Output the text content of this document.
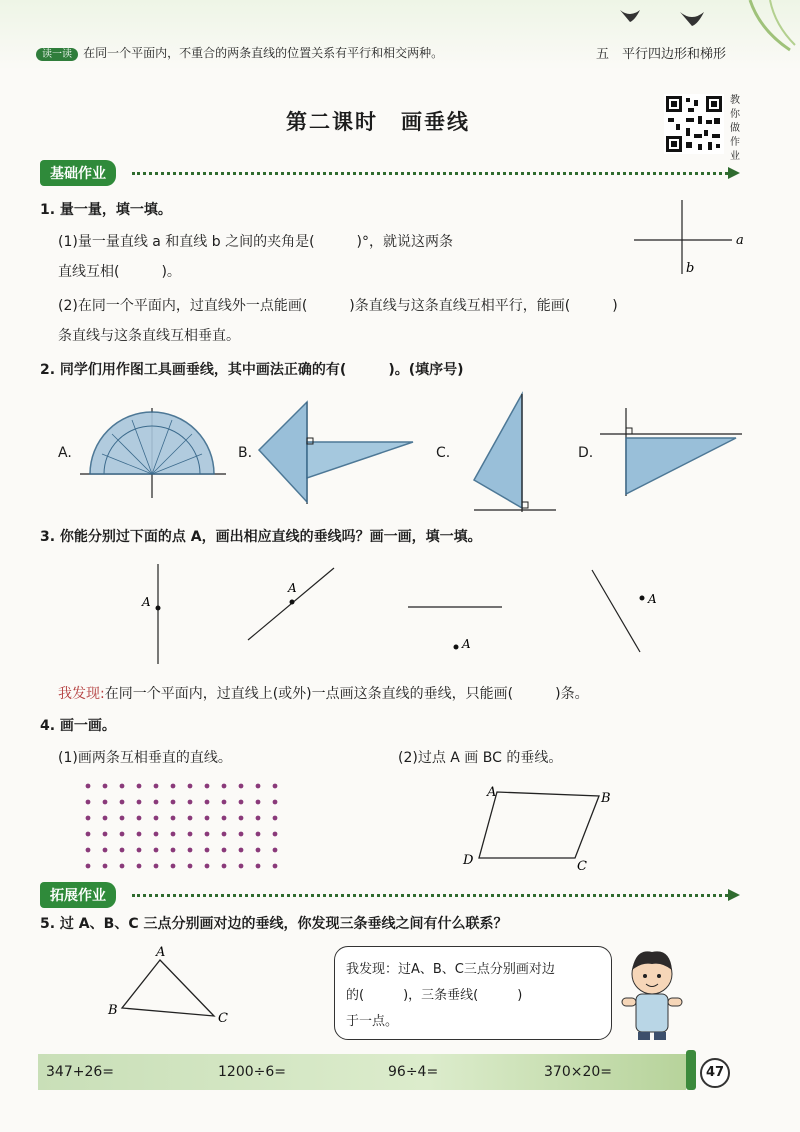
读一读 在同一个平面内，不重合的两条直线的位置关系有平行和相交两种。	五　平行四边形和梯形
第二课时　画垂线
教你做作业
基础作业
1. 量一量，填一填。
(1)量一量直线 a 和直线 b 之间的夹角是(　　　)°，就说这两条
直线互相(　　　)。
(2)在同一个平面内，过直线外一点能画(　　　)条直线与这条直线互相平行，能画(　　　)
条直线与这条直线互相垂直。
a
b
2. 同学们用作图工具画垂线，其中画法正确的有(　　　)。(填序号)
A.	B.	C.	D.
3. 你能分别过下面的点 A，画出相应直线的垂线吗？画一画，填一填。
A
A
A
A
我发现:在同一个平面内，过直线上(或外)一点画这条直线的垂线，只能画(　　　)条。
4. 画一画。
(1)画两条互相垂直的直线。	(2)过点 A 画 BC 的垂线。
A	B
C
D
拓展作业
5. 过 A、B、C 三点分别画对边的垂线，你发现三条垂线之间有什么联系？
A
B
C
我发现：过A、B、C三点分别画对边
的(　　　)，三条垂线(　　　)
于一点。
347+26=	1200÷6=	96÷4=	370×20=	47
